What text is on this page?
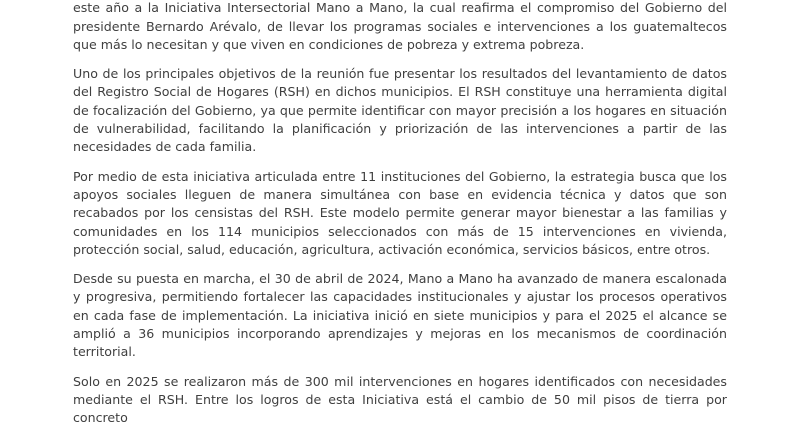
este año a la Iniciativa Intersectorial Mano a Mano, la cual reafirma el compromiso del Gobierno del presidente Bernardo Arévalo, de llevar los programas sociales e intervenciones a los guatemaltecos que más lo necesitan y que viven en condiciones de pobreza y extrema pobreza.

Uno de los principales objetivos de la reunión fue presentar los resultados del levantamiento de datos del Registro Social de Hogares (RSH) en dichos municipios. El RSH constituye una herramienta digital de focalización del Gobierno, ya que permite identificar con mayor precisión a los hogares en situación de vulnerabilidad, facilitando la planificación y priorización de las intervenciones a partir de las necesidades de cada familia.

Por medio de esta iniciativa articulada entre 11 instituciones del Gobierno, la estrategia busca que los apoyos sociales lleguen de manera simultánea con base en evidencia técnica y datos que son recabados por los censistas del RSH. Este modelo permite generar mayor bienestar a las familias y comunidades en los 114 municipios seleccionados con más de 15 intervenciones en vivienda, protección social, salud, educación, agricultura, activación económica, servicios básicos, entre otros.

Desde su puesta en marcha, el 30 de abril de 2024, Mano a Mano ha avanzado de manera escalonada y progresiva, permitiendo fortalecer las capacidades institucionales y ajustar los procesos operativos en cada fase de implementación. La iniciativa inició en siete municipios y para el 2025 el alcance se amplió a 36 municipios incorporando aprendizajes y mejoras en los mecanismos de coordinación territorial.

Solo en 2025 se realizaron más de 300 mil intervenciones en hogares identificados con necesidades mediante el RSH. Entre los logros de esta Iniciativa está el cambio de 50 mil pisos de tierra por concreto
